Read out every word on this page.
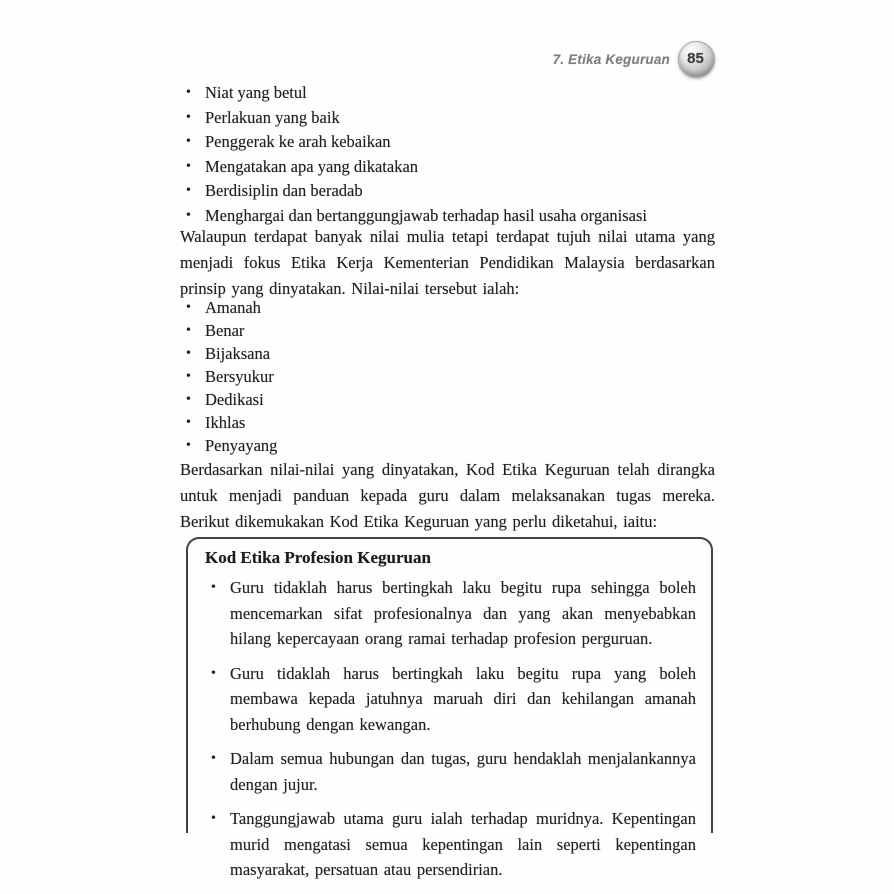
7. Etika Keguruan 85
• Niat yang betul
• Perlakuan yang baik
• Penggerak ke arah kebaikan
• Mengatakan apa yang dikatakan
• Berdisiplin dan beradab
• Menghargai dan bertanggungjawab terhadap hasil usaha organisasi

Walaupun terdapat banyak nilai mulia tetapi terdapat tujuh nilai utama yang menjadi fokus Etika Kerja Kementerian Pendidikan Malaysia berdasarkan prinsip yang dinyatakan. Nilai-nilai tersebut ialah:

• Amanah
• Benar
• Bijaksana
• Bersyukur
• Dedikasi
• Ikhlas
• Penyayang

Berdasarkan nilai-nilai yang dinyatakan, Kod Etika Keguruan telah dirangka untuk menjadi panduan kepada guru dalam melaksanakan tugas mereka. Berikut dikemukakan Kod Etika Keguruan yang perlu diketahui, iaitu:

Kod Etika Profesion Keguruan
• Guru tidaklah harus bertingkah laku begitu rupa sehingga boleh mencemarkan sifat profesionalnya dan yang akan menyebabkan hilang kepercayaan orang ramai terhadap profesion perguruan.
• Guru tidaklah harus bertingkah laku begitu rupa yang boleh membawa kepada jatuhnya maruah diri dan kehilangan amanah berhubung dengan kewangan.
• Dalam semua hubungan dan tugas, guru hendaklah menjalankannya dengan jujur.
• Tanggungjawab utama guru ialah terhadap muridnya. Kepentingan murid mengatasi semua kepentingan lain seperti kepentingan masyarakat, persatuan atau persendirian.
